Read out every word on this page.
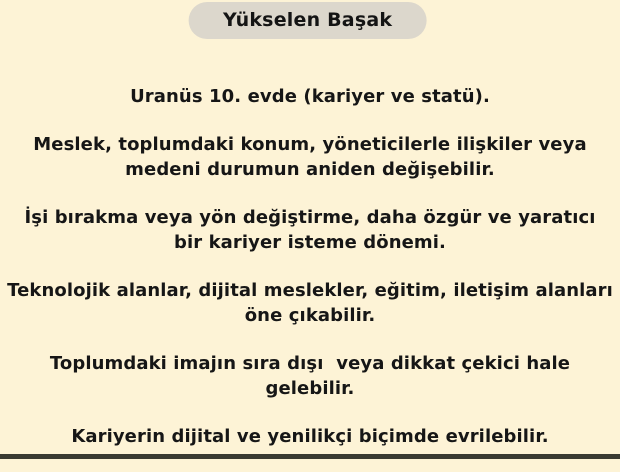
Yükselen Başak
Uranüs 10. evde (kariyer ve statü).
Meslek, toplumdaki konum, yöneticilerle ilişkiler veya
medeni durumun aniden değişebilir.
İşi bırakma veya yön değiştirme, daha özgür ve yaratıcı
bir kariyer isteme dönemi.
Teknolojik alanlar, dijital meslekler, eğitim, iletişim alanları
öne çıkabilir.
Toplumdaki imajın sıra dışı  veya dikkat çekici hale
gelebilir.
Kariyerin dijital ve yenilikçi biçimde evrilebilir.
